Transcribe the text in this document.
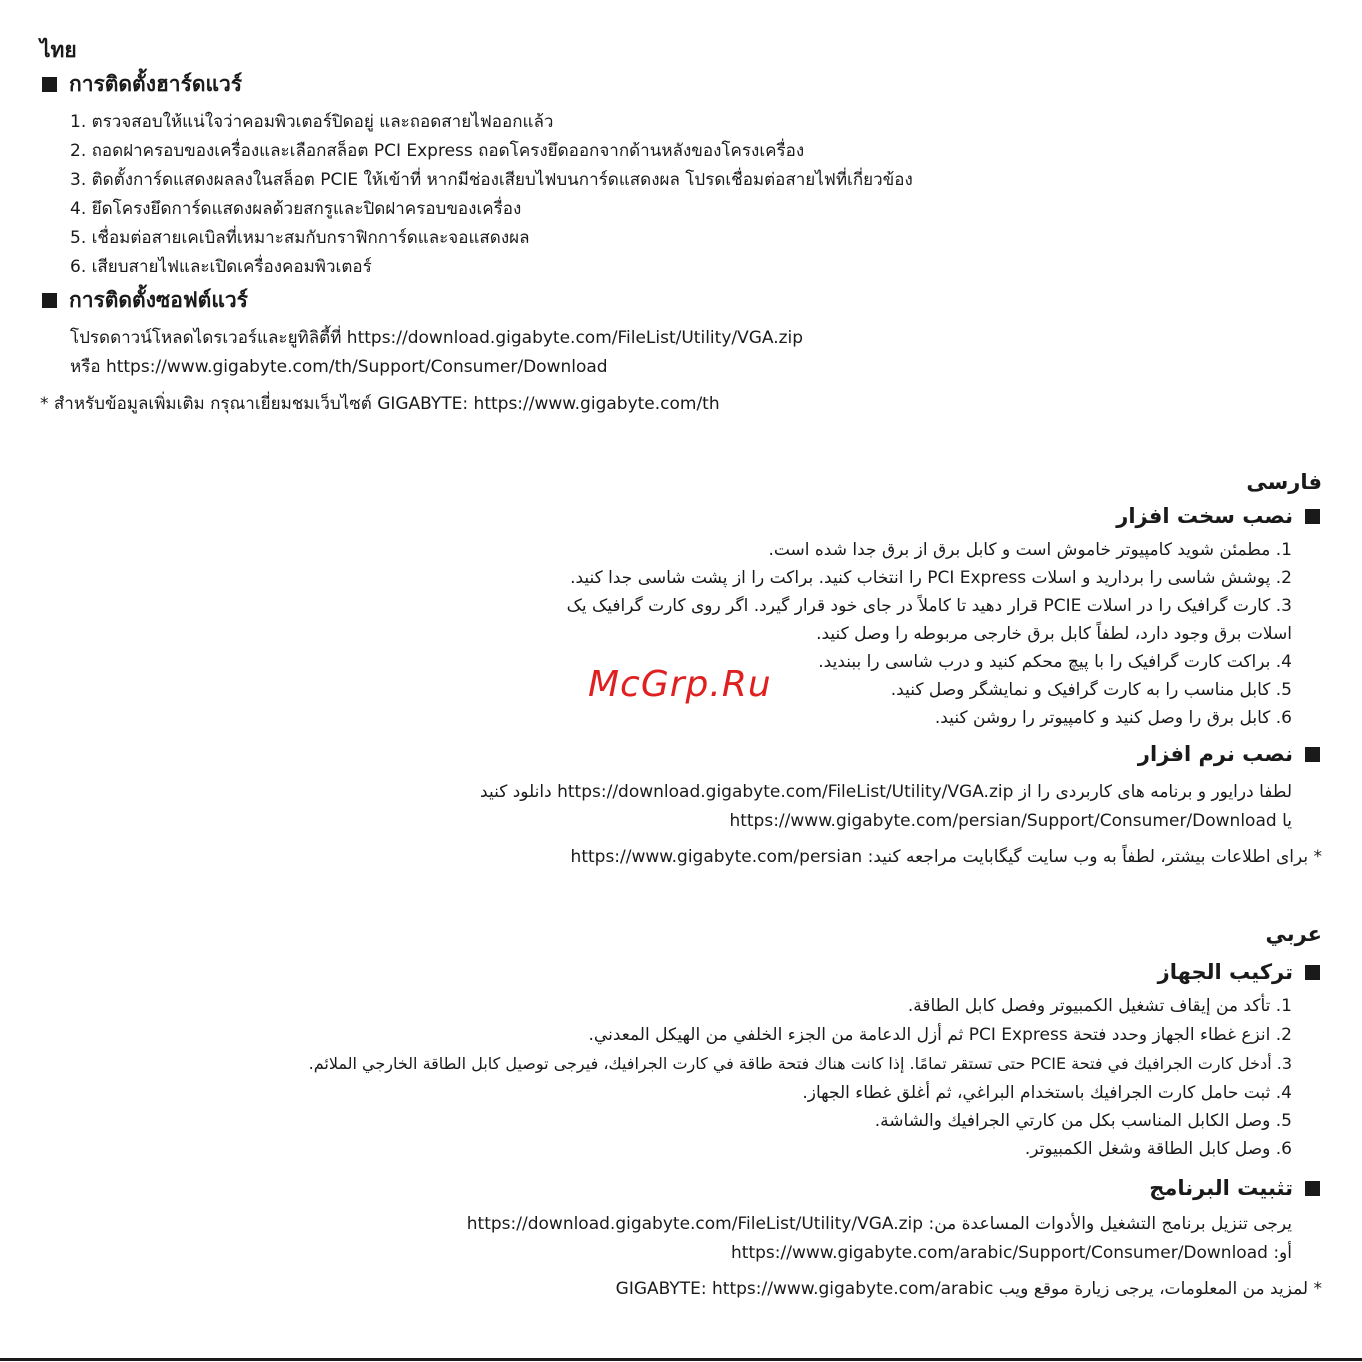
ไทย
การติดตั้งฮาร์ดแวร์
1. ตรวจสอบให้แน่ใจว่าคอมพิวเตอร์ปิดอยู่ และถอดสายไฟออกแล้ว
2. ถอดฝาครอบของเครื่องและเลือกสล็อต PCI Express ถอดโครงยึดออกจากด้านหลังของโครงเครื่อง
3. ติดตั้งการ์ดแสดงผลลงในสล็อต PCIE ให้เข้าที่ หากมีช่องเสียบไฟบนการ์ดแสดงผล โปรดเชื่อมต่อสายไฟที่เกี่ยวข้อง
4. ยึดโครงยึดการ์ดแสดงผลด้วยสกรูและปิดฝาครอบของเครื่อง
5. เชื่อมต่อสายเคเบิลที่เหมาะสมกับกราฟิกการ์ดและจอแสดงผล
6. เสียบสายไฟและเปิดเครื่องคอมพิวเตอร์
การติดตั้งซอฟต์แวร์
โปรดดาวน์โหลดไดรเวอร์และยูทิลิตี้ที่ https://download.gigabyte.com/FileList/Utility/VGA.zip
หรือ https://www.gigabyte.com/th/Support/Consumer/Download
* สำหรับข้อมูลเพิ่มเติม กรุณาเยี่ยมชมเว็บไซต์ GIGABYTE: https://www.gigabyte.com/th
فارسی
نصب سخت افزار
1. مطمئن شوید کامپیوتر خاموش است و کابل برق از برق جدا شده است.
2. پوشش شاسی را بردارید و اسلات PCI Express را انتخاب کنید. براکت را از پشت شاسی جدا کنید.
3. کارت گرافیک را در اسلات PCIE قرار دهید تا کاملاً در جای خود قرار گیرد. اگر روی کارت گرافیک یک
اسلات برق وجود دارد، لطفاً کابل برق خارجی مربوطه را وصل کنید.
4. براکت کارت گرافیک را با پیچ محکم کنید و درب شاسی را ببندید.
5. کابل مناسب را به کارت گرافیک و نمایشگر وصل کنید.
6. کابل برق را وصل کنید و کامپیوتر را روشن کنید.
نصب نرم افزار
لطفا درایور و برنامه های کاربردی را از https://download.gigabyte.com/FileList/Utility/VGA.zip دانلود کنید
یا https://www.gigabyte.com/persian/Support/Consumer/Download
* برای اطلاعات بیشتر، لطفاً به وب سایت گیگابایت مراجعه کنید: https://www.gigabyte.com/persian
عربي
تركيب الجهاز
1. تأكد من إيقاف تشغيل الكمبيوتر وفصل كابل الطاقة.
2. انزع غطاء الجهاز وحدد فتحة PCI Express ثم أزل الدعامة من الجزء الخلفي من الهيكل المعدني.
3. أدخل كارت الجرافيك في فتحة PCIE حتى تستقر تمامًا. إذا كانت هناك فتحة طاقة في كارت الجرافيك، فيرجى توصيل كابل الطاقة الخارجي الملائم.
4. ثبت حامل كارت الجرافيك باستخدام البراغي، ثم أغلق غطاء الجهاز.
5. وصل الكابل المناسب بكل من كارتي الجرافيك والشاشة.
6. وصل كابل الطاقة وشغل الكمبيوتر.
تثبيت البرنامج
يرجى تنزيل برنامج التشغيل والأدوات المساعدة من: https://download.gigabyte.com/FileList/Utility/VGA.zip
أو: https://www.gigabyte.com/arabic/Support/Consumer/Download
* لمزيد من المعلومات، يرجى زيارة موقع ويب GIGABYTE: https://www.gigabyte.com/arabic
McGrp.Ru
